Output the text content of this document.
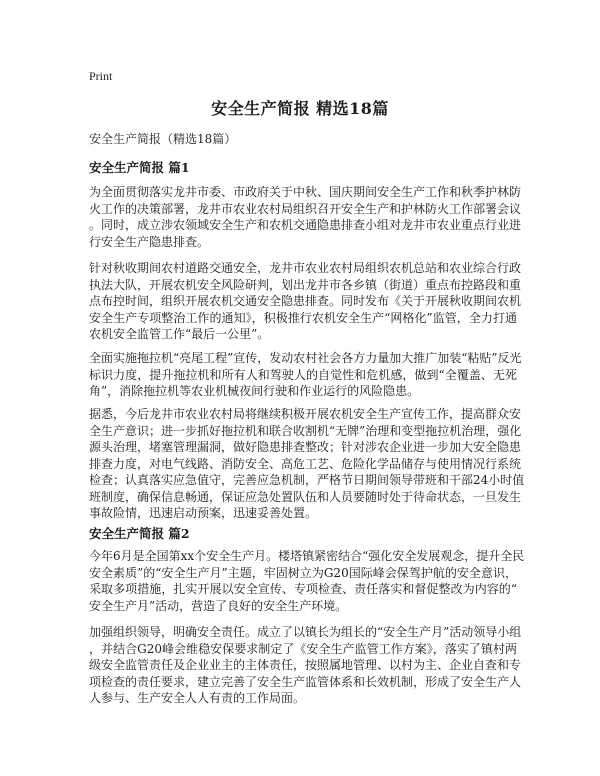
Print
安全生产简报 精选18篇

安全生产简报（精选18篇）

安全生产简报 篇1

为全面贯彻落实龙井市委、市政府关于中秋、国庆期间安全生产工作和秋季护林防
火工作的决策部署，龙井市农业农村局组织召开安全生产和护林防火工作部署会议
。同时，成立涉农领域安全生产和农机交通隐患排查小组对龙井市农业重点行业进
行安全生产隐患排查。

针对秋收期间农村道路交通安全，龙井市农业农村局组织农机总站和农业综合行政
执法大队，开展农机安全风险研判，划出龙井市各乡镇（街道）重点布控路段和重
点布控时间，组织开展农机交通安全隐患排查。同时发布《关于开展秋收期间农机
安全生产专项整治工作的通知》，积极推行农机安全生产“网格化”监管，全力打通
农机安全监管工作“最后一公里”。

全面实施拖拉机“亮尾工程”宣传，发动农村社会各方力量加大推广加装“粘贴”反光
标识力度，提升拖拉机和所有人和驾驶人的自觉性和危机感，做到“全覆盖、无死
角”，消除拖拉机等农业机械夜间行驶和作业运行的风险隐患。

据悉，今后龙井市农业农村局将继续积极开展农机安全生产宣传工作，提高群众安
全生产意识；进一步抓好拖拉机和联合收割机“无牌”治理和变型拖拉机治理，强化
源头治理，堵塞管理漏洞，做好隐患排查整改；针对涉农企业进一步加大安全隐患
排查力度，对电气线路、消防安全、高危工艺、危险化学品储存与使用情况行系统
检查；认真落实应急值守，完善应急机制，严格节日期间领导带班和干部24小时值
班制度，确保信息畅通，保证应急处置队伍和人员要随时处于待命状态，一旦发生
事故险情，迅速启动预案，迅速妥善处置。

安全生产简报 篇2

今年6月是全国第xx个安全生产月。楼塔镇紧密结合“强化安全发展观念，提升全民
安全素质”的“安全生产月”主题，牢固树立为G20国际峰会保驾护航的安全意识，
采取多项措施，扎实开展以安全宣传、专项检查、责任落实和督促整改为内容的“
安全生产月”活动，营造了良好的安全生产环境。

加强组织领导，明确安全责任。成立了以镇长为组长的“安全生产月”活动领导小组
，并结合G20峰会维稳安保要求制定了《安全生产监管工作方案》，落实了镇村两
级安全监管责任及企业业主的主体责任，按照属地管理、以村为主、企业自查和专
项检查的责任要求，建立完善了安全生产监管体系和长效机制，形成了安全生产人
人参与、生产安全人人有责的工作局面。
